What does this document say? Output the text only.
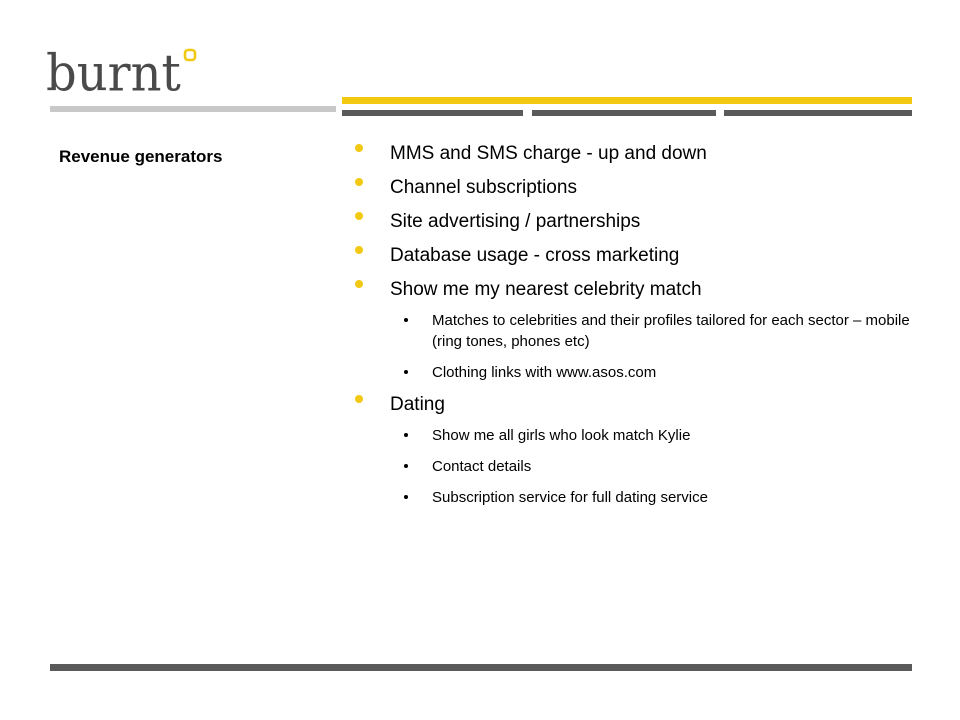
burnt
Revenue generators	MMS and SMS charge - up and down
Channel subscriptions
Site advertising / partnerships
Database usage - cross marketing
Show me my nearest celebrity match
Matches to celebrities and their profiles tailored for each sector – mobile (ring tones, phones etc)
Clothing links with www.asos.com
Dating
Show me all girls who look match Kylie
Contact details
Subscription service for full dating service
